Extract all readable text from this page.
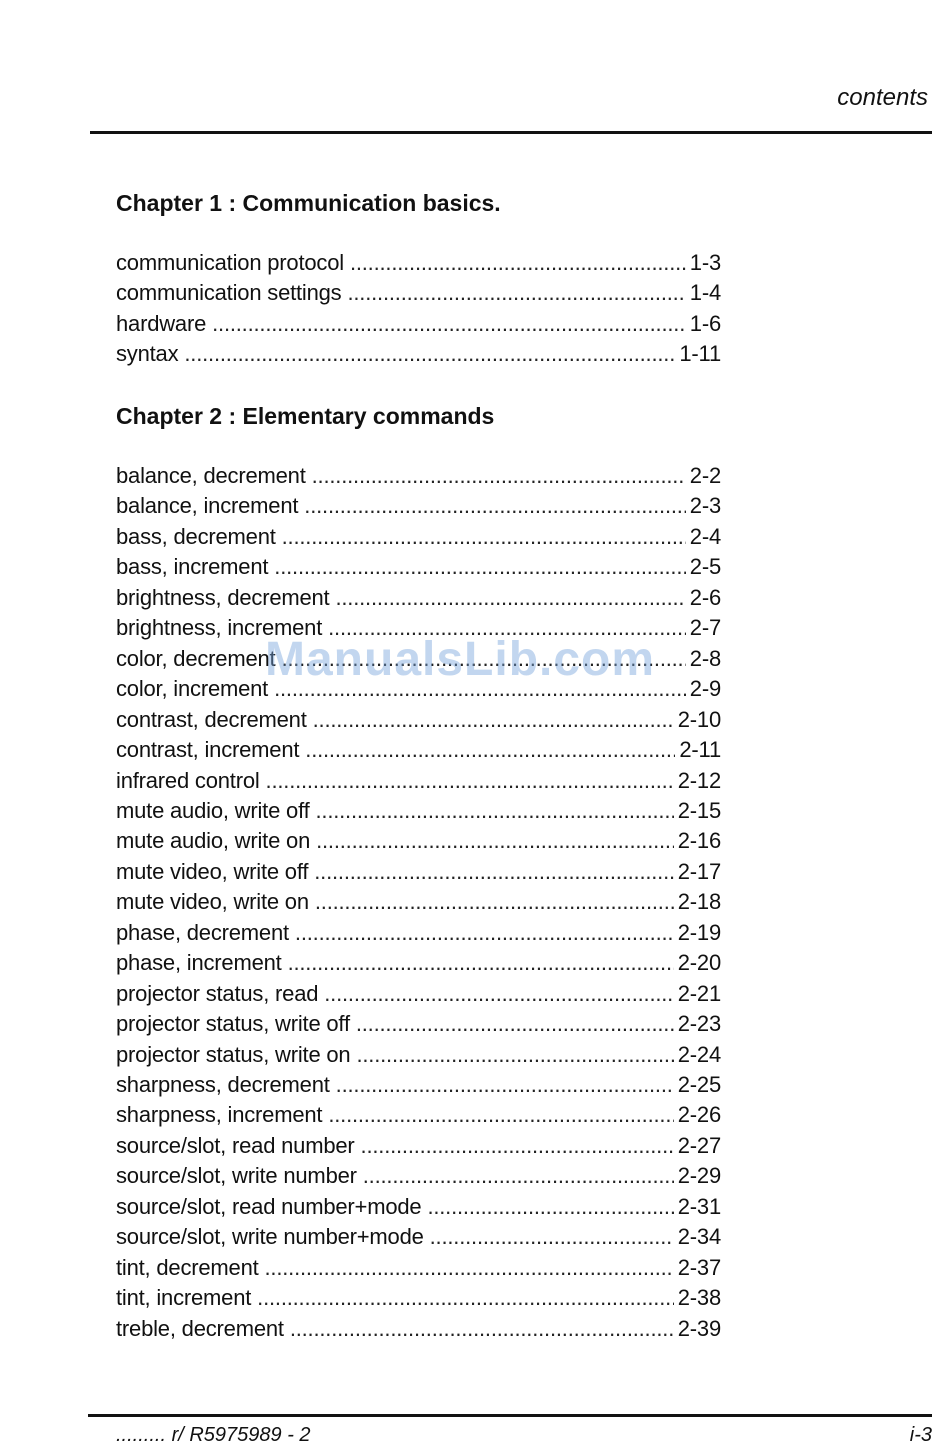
contents
Chapter 1 : Communication basics.
communication protocol .....	1-3
communication settings .....	1-4
hardware .....	1-6
syntax .....	1-11
Chapter 2 : Elementary commands
balance, decrement .....	2-2
balance, increment .....	2-3
bass, decrement .....	2-4
bass, increment .....	2-5
brightness, decrement .....	2-6
brightness, increment .....	2-7
color, decrement .....	2-8
color, increment .....	2-9
contrast, decrement .....	2-10
contrast, increment .....	2-11
infrared control .....	2-12
mute audio, write off .....	2-15
mute audio, write on .....	2-16
mute video, write off .....	2-17
mute video, write on .....	2-18
phase, decrement .....	2-19
phase, increment .....	2-20
projector status, read .....	2-21
projector status, write off .....	2-23
projector status, write on .....	2-24
sharpness, decrement .....	2-25
sharpness, increment .....	2-26
source/slot, read number .....	2-27
source/slot, write number .....	2-29
source/slot, read number+mode .....	2-31
source/slot, write number+mode .....	2-34
tint, decrement .....	2-37
tint, increment .....	2-38
treble, decrement .....	2-39
ManualsLib.com
......... r/ R5975989 - 2	i-3
